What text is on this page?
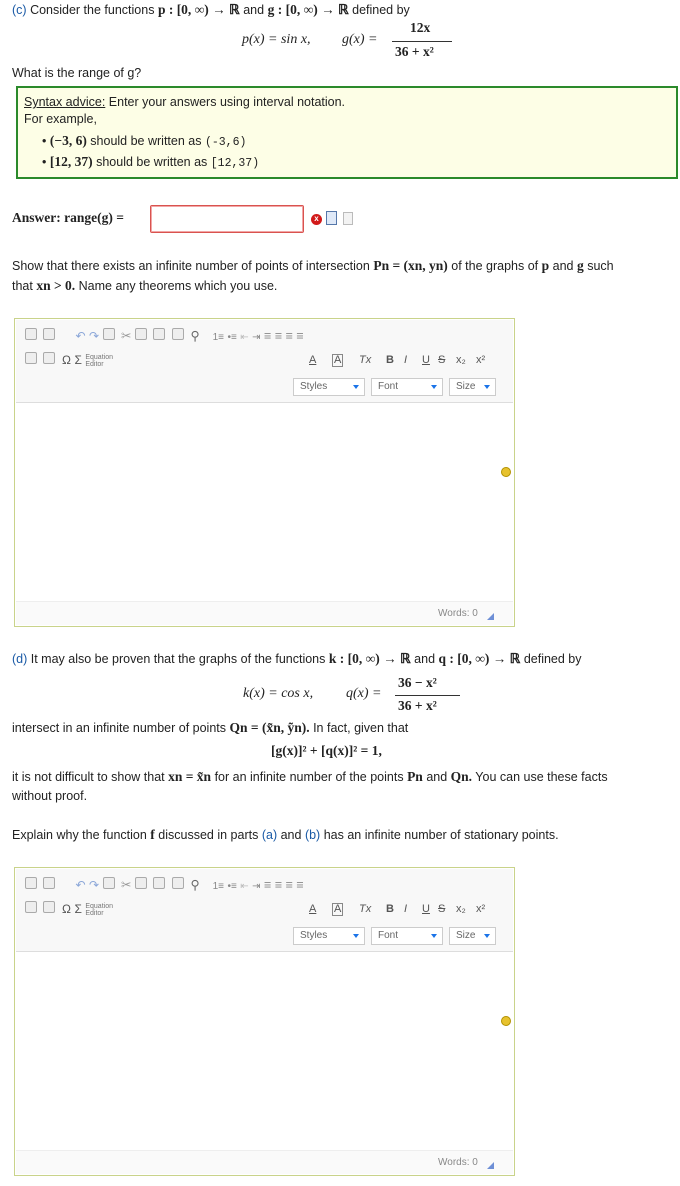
(c) Consider the functions p : [0, ∞) → ℝ and g : [0, ∞) → ℝ defined by
p(x) = sin x, g(x) =
12x
36 + x²
What is the range of g?
Syntax advice: Enter your answers using interval notation.
For example,
• (−3, 6) should be written as (-3,6)
• [12, 37) should be written as [12,37)
Answer: range(g) =	x
Show that there exists an infinite number of points of intersection Pn = (xn, yn) of the graphs of p and g such
that xn > 0. Name any theorems which you use.
↶ ↷ ✂	⚲ 1≡ •≡ ⇤ ⇥ ≡ ≡ ≡ ≡
Ω Σ Equation
Editor	A A Tx B I U S x₂ x²
Styles	Font	Size
Words: 0
(d) It may also be proven that the graphs of the functions k : [0, ∞) → ℝ and q : [0, ∞) → ℝ defined by
k(x) = cos x, q(x) =
36 − x²
36 + x²
intersect in an infinite number of points Qn = (x̃n, ỹn). In fact, given that
[g(x)]² + [q(x)]² = 1,
it is not difficult to show that xn = x̃n for an infinite number of the points Pn and Qn. You can use these facts
without proof.
Explain why the function f discussed in parts (a) and (b) has an infinite number of stationary points.
↶ ↷ ✂	⚲ 1≡ •≡ ⇤ ⇥ ≡ ≡ ≡ ≡
Ω Σ Equation
Editor	A A Tx B I U S x₂ x²
Styles	Font	Size
Words: 0
